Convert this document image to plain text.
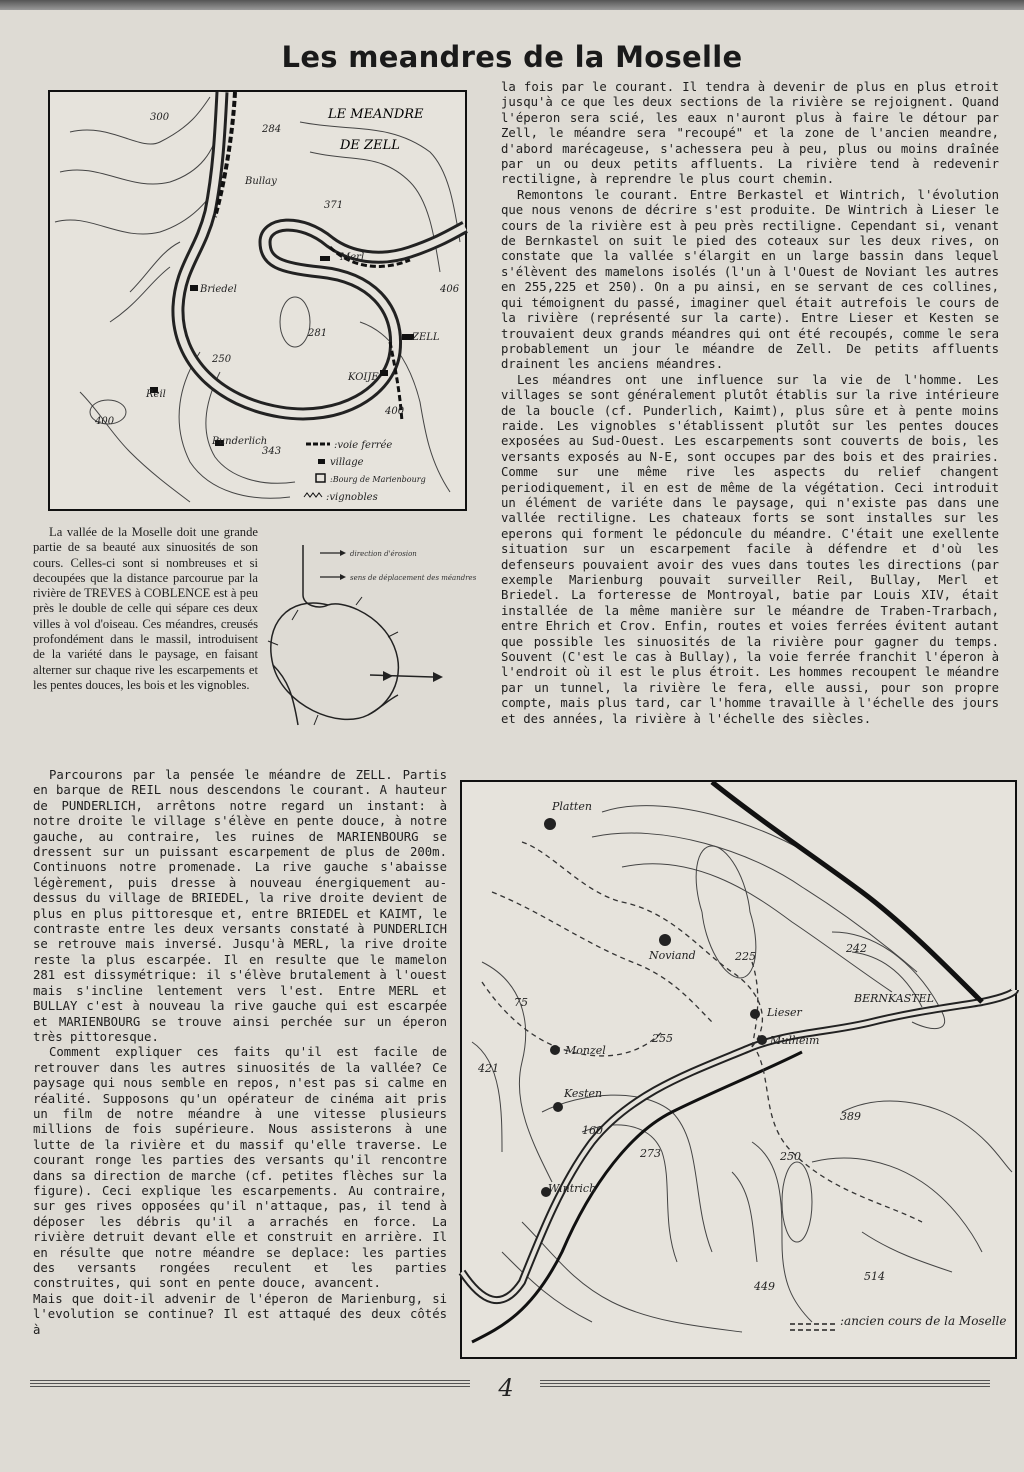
Les meandres de la Moselle
LE MEANDRE
DE ZELL
300
284
371
Merl
406
281	ZELL
Bullay
250
Reil
400
Briedel
KOIJE
400
Punderlich
343
:voie ferrée
village
:Bourg de Marienbourg
:vignobles

la fois par le courant. Il tendra à devenir de plus en plus etroit jusqu'à ce que les deux sections de la rivière se rejoignent. Quand l'éperon sera scié, les eaux n'auront plus à faire le détour par Zell, le méandre sera "recoupé" et la zone de l'ancien meandre, d'abord marécageuse, s'achessera peu à peu, plus ou moins draînée par un ou deux petits affluents. La rivière tend à redevenir rectiligne, à reprendre le plus court chemin.

Remontons le courant. Entre Berkastel et Wintrich, l'évolution que nous venons de décrire s'est produite. De Wintrich à Lieser le cours de la rivière est à peu près rectiligne. Cependant si, venant de Bernkastel on suit le pied des coteaux sur les deux rives, on constate que la vallée s'élargit en un large bassin dans lequel s'élèvent des mamelons isolés (l'un à l'Ouest de Noviant les autres en 255,225 et 250). On a pu ainsi, en se servant de ces collines, qui témoignent du passé, imaginer quel était autrefois le cours de la rivière (représenté sur la carte). Entre Lieser et Kesten se trouvaient deux grands méandres qui ont été recoupés, comme le sera probablement un jour le méandre de Zell. De petits affluents drainent les anciens méandres.

Les méandres ont une influence sur la vie de l'homme. Les villages se sont généralement plutôt établis sur la rive intérieure de la boucle (cf. Punderlich, Kaimt), plus sûre et à pente moins raide. Les vignobles s'établissent plutôt sur les pentes douces exposées au Sud-Ouest. Les escarpements sont couverts de bois, les versants exposés au N-E, sont occupes par des bois et des prairies. Comme sur une même rive les aspects du relief changent periodiquement, il en est de même de la végétation. Ceci introduit un élément de variéte dans le paysage, qui n'existe pas dans une vallée rectiligne. Les chateaux forts se sont installes sur les eperons qui forment le pédoncule du méandre. C'était une exellente situation sur un escarpement facile à défendre et d'où les defenseurs pouvaient avoir des vues dans toutes les directions (par exemple Marienburg pouvait surveiller Reil, Bullay, Merl et Briedel. La forteresse de Montroyal, batie par Louis XIV, était installée de la même manière sur le méandre de Traben-Trarbach, entre Ehrich et Crov. Enfin, routes et voies ferrées évitent autant que possible les sinuosités de la rivière pour gagner du temps. Souvent (C'est le cas à Bullay), la voie ferrée franchit l'éperon à l'endroit où il est le plus étroit. Les hommes recoupent le méandre par un tunnel, la rivière le fera, elle aussi, pour son propre compte, mais plus tard, car l'homme travaille à l'échelle des jours et des années, la rivière à l'échelle des siècles.

La vallée de la Moselle doit une grande partie de sa beauté aux sinuosités de son cours. Celles-ci sont si nombreuses et si decoupées que la distance parcourue par la rivière de TREVES à COBLENCE est à peu près le double de celle qui sépare ces deux villes à vol d'oiseau. Ces méandres, creusés profondément dans le massil, introduisent de la variété dans le paysage, en faisant alterner sur chaque rive les escarpements et les pentes douces, les bois et les vignobles.

direction d'érosion
sens de déplacement des méandres

Parcourons par la pensée le méandre de ZELL. Partis en barque de REIL nous descendons le courant. A hauteur de PUNDERLICH, arrêtons notre regard un instant: à notre droite le village s'élève en pente douce, à notre gauche, au contraire, les ruines de MARIENBOURG se dressent sur un puissant escarpement de plus de 200m. Continuons notre promenade. La rive gauche s'abaisse légèrement, puis dresse à nouveau énergiquement au-dessus du village de BRIEDEL, la rive droite devient de plus en plus pittoresque et, entre BRIEDEL et KAIMT, le contraste entre les deux versants constaté à PUNDERLICH se retrouve mais inversé. Jusqu'à MERL, la rive droite reste la plus escarpée. Il en resulte que le mamelon 281 est dissymétrique: il s'élève brutalement à l'ouest mais s'incline lentement vers l'est. Entre MERL et BULLAY c'est à nouveau la rive gauche qui est escarpée et MARIENBOURG se trouve ainsi perchée sur un éperon très pittoresque.

Comment expliquer ces faits qu'il est facile de retrouver dans les autres sinuosités de la vallée? Ce paysage qui nous semble en repos, n'est pas si calme en réalité. Supposons qu'un opérateur de cinéma ait pris un film de notre méandre à une vitesse plusieurs millions de fois supérieure. Nous assisterons à une lutte de la rivière et du massif qu'elle traverse. Le courant ronge les parties des versants qu'il rencontre dans sa direction de marche (cf. petites flèches sur la figure). Ceci explique les escarpements. Au contraire, sur ges rives opposées qu'il n'attaque, pas, il tend à déposer les débris qu'il a arrachés en force. La rivière detruit devant elle et construit en arrière. Il en résulte que notre méandre se deplace: les parties des versants rongées reculent et les parties construites, qui sont en pente douce, avancent.

Mais que doit-il advenir de l'éperon de Marienburg, si l'evolution se continue? Il est attaqué des deux côtés à

Platten
Noviand	225
242
BERNKASTEL
Lieser
Mulheim
75
Monzel
255
421
Kesten
389
160
273	250
Wintrich
514
449
:ancien cours de la Moselle
4
